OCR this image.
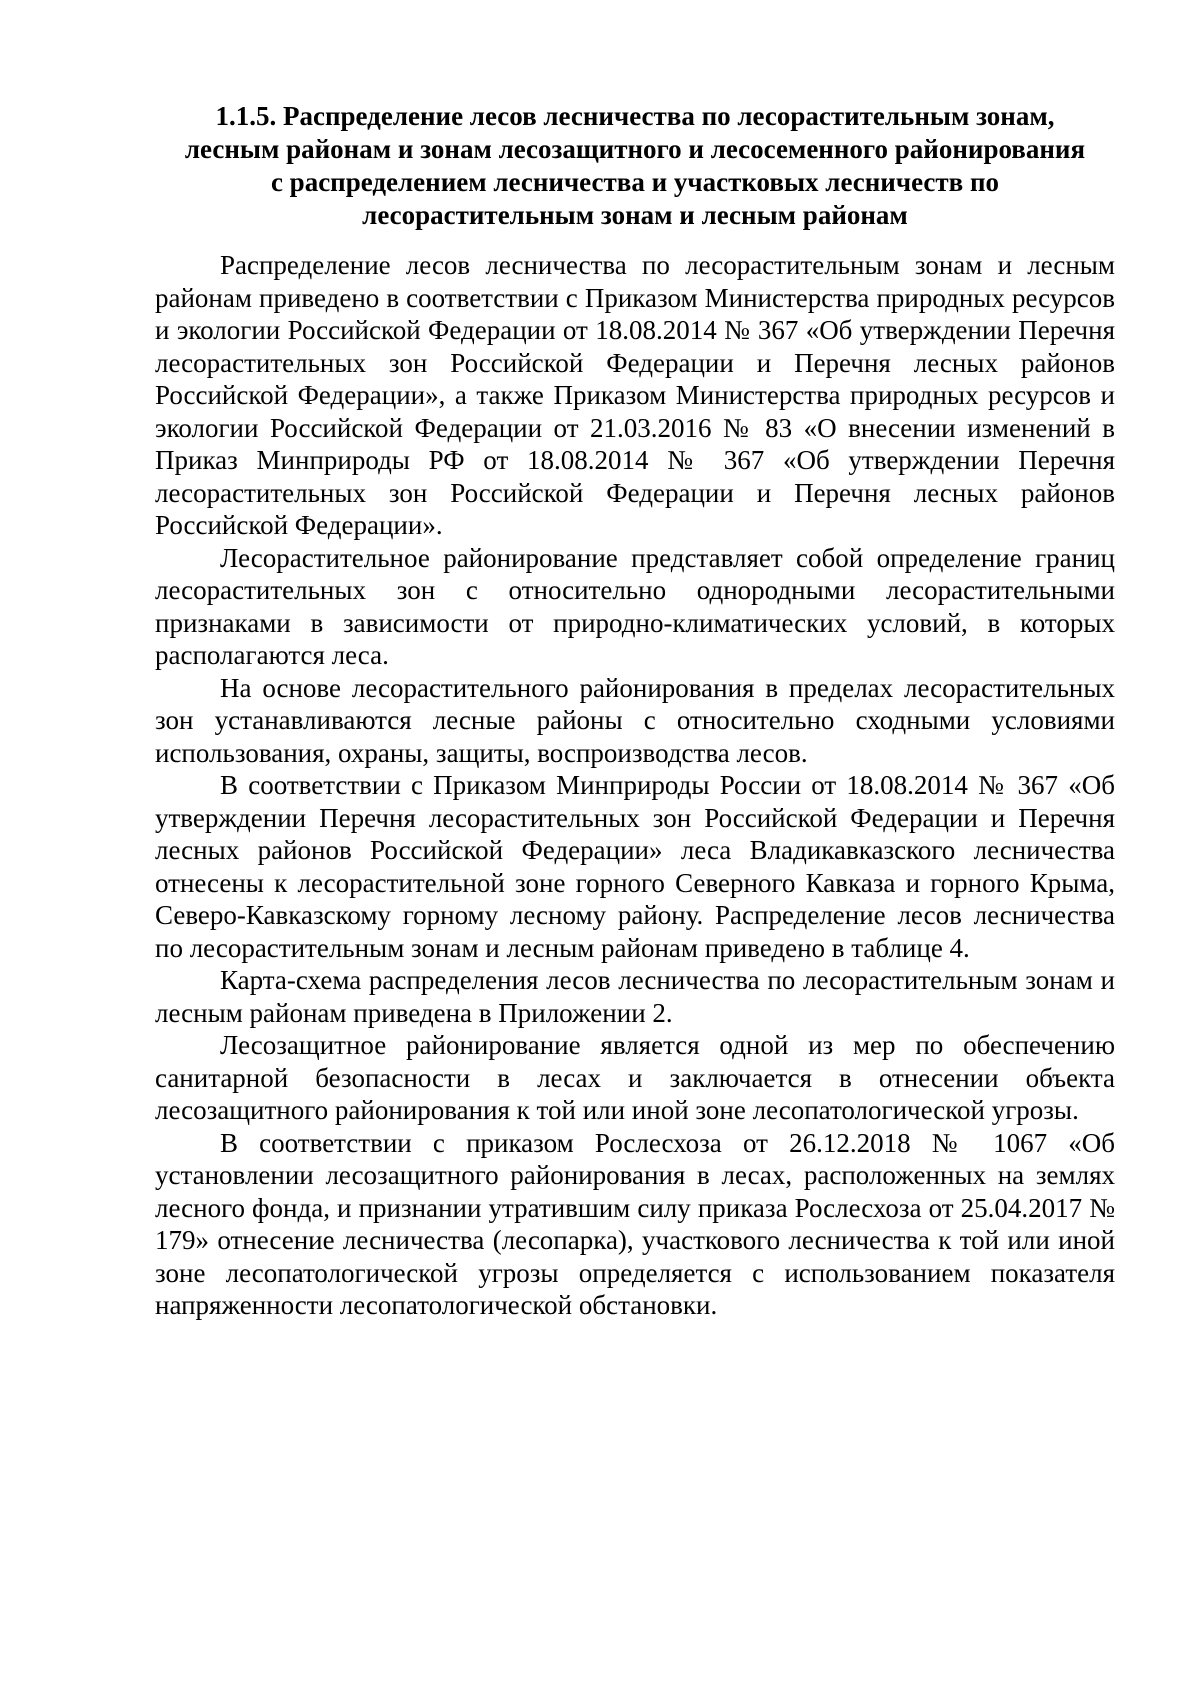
1.1.5. Распределение лесов лесничества по лесорастительным зонам,
лесным районам и зонам лесозащитного и лесосеменного районирования
с распределением лесничества и участковых лесничеств по
лесорастительным зонам и лесным районам

Распределение лесов лесничества по лесорастительным зонам и лесным районам приведено в соответствии с Приказом Министерства природных ресурсов и экологии Российской Федерации от 18.08.2014 № 367 «Об утверждении Перечня лесорастительных зон Российской Федерации и Перечня лесных районов Российской Федерации», а также Приказом Министерства природных ресурсов и экологии Российской Федерации от 21.03.2016 № 83 «О внесении изменений в Приказ Минприроды РФ от 18.08.2014 № 367 «Об утверждении Перечня лесорастительных зон Российской Федерации и Перечня лесных районов Российской Федерации».

Лесорастительное районирование представляет собой определение границ лесорастительных зон с относительно однородными лесорастительными признаками в зависимости от природно-климатических условий, в которых располагаются леса.

На основе лесорастительного районирования в пределах лесорастительных зон устанавливаются лесные районы с относительно сходными условиями использования, охраны, защиты, воспроизводства лесов.

В соответствии с Приказом Минприроды России от 18.08.2014 № 367 «Об утверждении Перечня лесорастительных зон Российской Федерации и Перечня лесных районов Российской Федерации» леса Владикавказского лесничества отнесены к лесорастительной зоне горного Северного Кавказа и горного Крыма, Северо-Кавказскому горному лесному району. Распределение лесов лесничества по лесорастительным зонам и лесным районам приведено в таблице 4.

Карта-схема распределения лесов лесничества по лесорастительным зонам и лесным районам приведена в Приложении 2.

Лесозащитное районирование является одной из мер по обеспечению санитарной безопасности в лесах и заключается в отнесении объекта лесозащитного районирования к той или иной зоне лесопатологической угрозы.

В соответствии с приказом Рослесхоза от 26.12.2018 № 1067 «Об установлении лесозащитного районирования в лесах, расположенных на землях лесного фонда, и признании утратившим силу приказа Рослесхоза от 25.04.2017 № 179» отнесение лесничества (лесопарка), участкового лесничества к той или иной зоне лесопатологической угрозы определяется с использованием показателя напряженности лесопатологической обстановки.
